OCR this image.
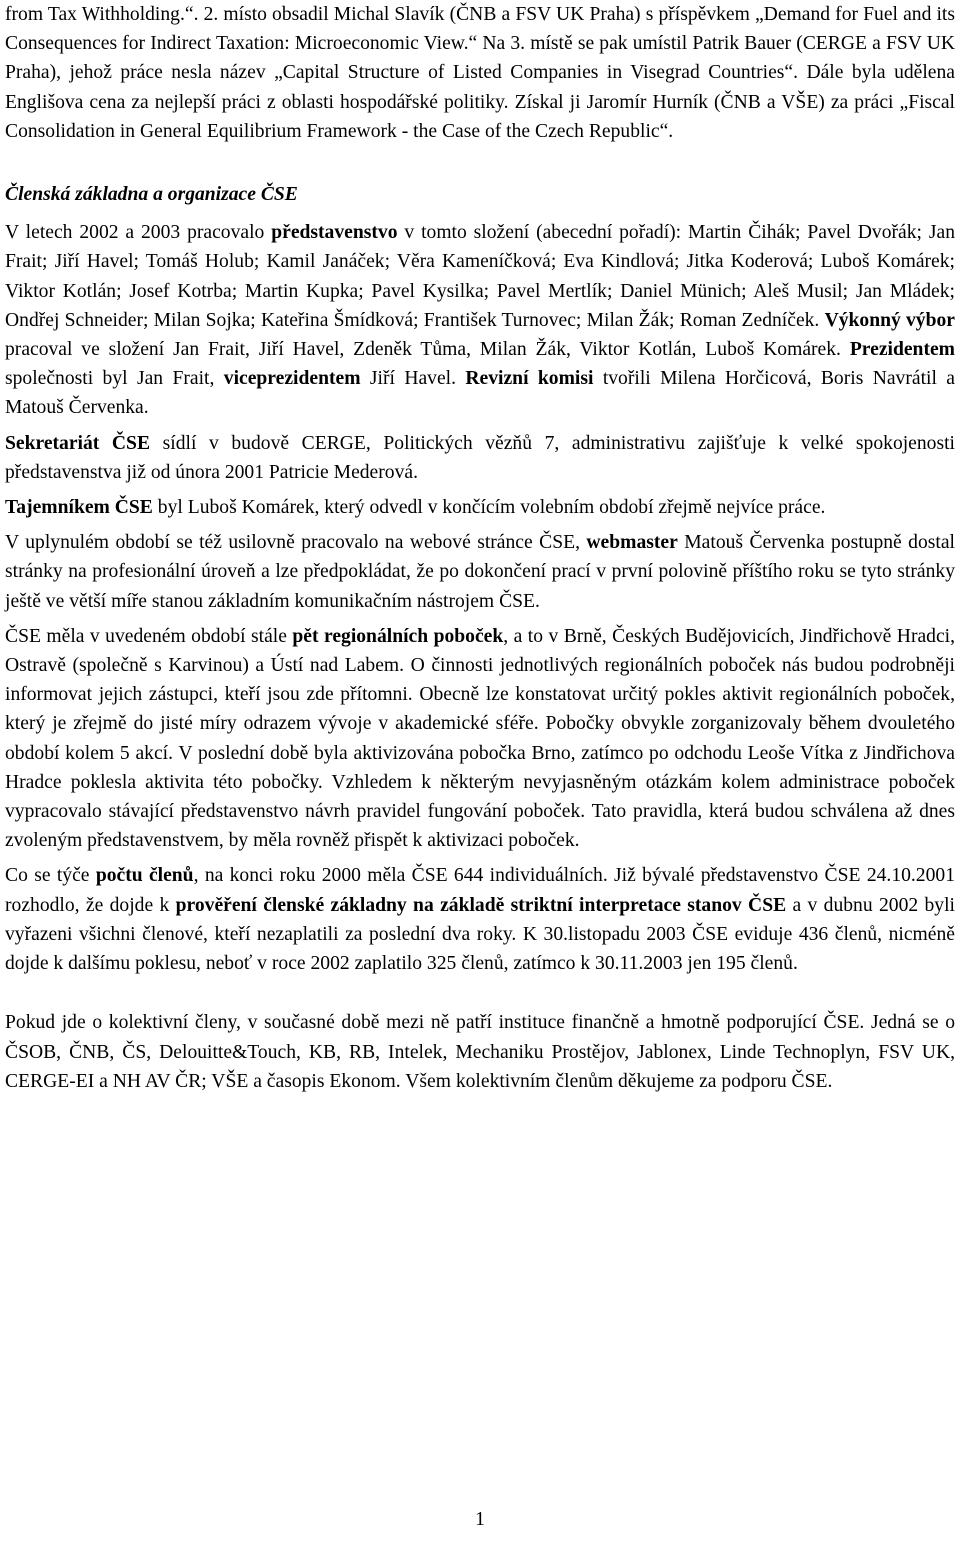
from Tax Withholding.“. 2. místo obsadil Michal Slavík (ČNB a FSV UK Praha) s příspěvkem „Demand for Fuel and its Consequences for Indirect Taxation: Microeconomic View.“ Na 3. místě se pak umístil Patrik Bauer (CERGE a FSV UK Praha), jehož práce nesla název „Capital Structure of Listed Companies in Visegrad Countries“. Dále byla udělena Englišova cena za nejlepší práci z oblasti hospodářské politiky. Získal ji Jaromír Hurník (ČNB a VŠE) za práci „Fiscal Consolidation in General Equilibrium Framework - the Case of the Czech Republic“.

Členská základna a organizace ČSE

V letech 2002 a 2003 pracovalo představenstvo v tomto složení (abecední pořadí): Martin Čihák; Pavel Dvořák; Jan Frait; Jiří Havel; Tomáš Holub; Kamil Janáček; Věra Kameníčková; Eva Kindlová; Jitka Koderová; Luboš Komárek; Viktor Kotlán; Josef Kotrba; Martin Kupka; Pavel Kysilka; Pavel Mertlík; Daniel Münich; Aleš Musil; Jan Mládek; Ondřej Schneider; Milan Sojka; Kateřina Šmídková; František Turnovec; Milan Žák; Roman Zedníček. Výkonný výbor pracoval ve složení Jan Frait, Jiří Havel, Zdeněk Tůma, Milan Žák, Viktor Kotlán, Luboš Komárek. Prezidentem společnosti byl Jan Frait, viceprezidentem Jiří Havel. Revizní komisi tvořili Milena Horčicová, Boris Navrátil a Matouš Červenka.

Sekretariát ČSE sídlí v budově CERGE, Politických vězňů 7, administrativu zajišťuje k velké spokojenosti představenstva již od února 2001 Patricie Mederová.

Tajemníkem ČSE byl Luboš Komárek, který odvedl v končícím volebním období zřejmě nejvíce práce.

V uplynulém období se též usilovně pracovalo na webové stránce ČSE, webmaster Matouš Červenka postupně dostal stránky na profesionální úroveň a lze předpokládat, že po dokončení prací v první polovině příštího roku se tyto stránky ještě ve větší míře stanou základním komunikačním nástrojem ČSE.

ČSE měla v uvedeném období stále pět regionálních poboček, a to v Brně, Českých Budějovicích, Jindřichově Hradci, Ostravě (společně s Karvinou) a Ústí nad Labem. O činnosti jednotlivých regionálních poboček nás budou podrobněji informovat jejich zástupci, kteří jsou zde přítomni. Obecně lze konstatovat určitý pokles aktivit regionálních poboček, který je zřejmě do jisté míry odrazem vývoje v akademické sféře. Pobočky obvykle zorganizovaly během dvouletého období kolem 5 akcí. V poslední době byla aktivizována pobočka Brno, zatímco po odchodu Leoše Vítka z Jindřichova Hradce poklesla aktivita této pobočky. Vzhledem k některým nevyjasněným otázkám kolem administrace poboček vypracovalo stávající představenstvo návrh pravidel fungování poboček. Tato pravidla, která budou schválena až dnes zvoleným představenstvem, by měla rovněž přispět k aktivizaci poboček.

Co se týče počtu členů, na konci roku 2000 měla ČSE 644 individuálních. Již bývalé představenstvo ČSE 24.10.2001 rozhodlo, že dojde k prověření členské základny na základě striktní interpretace stanov ČSE a v dubnu 2002 byli vyřazeni všichni členové, kteří nezaplatili za poslední dva roky. K 30.listopadu 2003 ČSE eviduje 436 členů, nicméně dojde k dalšímu poklesu, neboť v roce 2002 zaplatilo 325 členů, zatímco k 30.11.2003 jen 195 členů.

Pokud jde o kolektivní členy, v současné době mezi ně patří instituce finančně a hmotně podporující ČSE. Jedná se o ČSOB, ČNB, ČS, Delouitte&Touch, KB, RB, Intelek, Mechaniku Prostějov, Jablonex, Linde Technoplyn, FSV UK, CERGE-EI a NH AV ČR; VŠE a časopis Ekonom. Všem kolektivním členům děkujeme za podporu ČSE.

1
